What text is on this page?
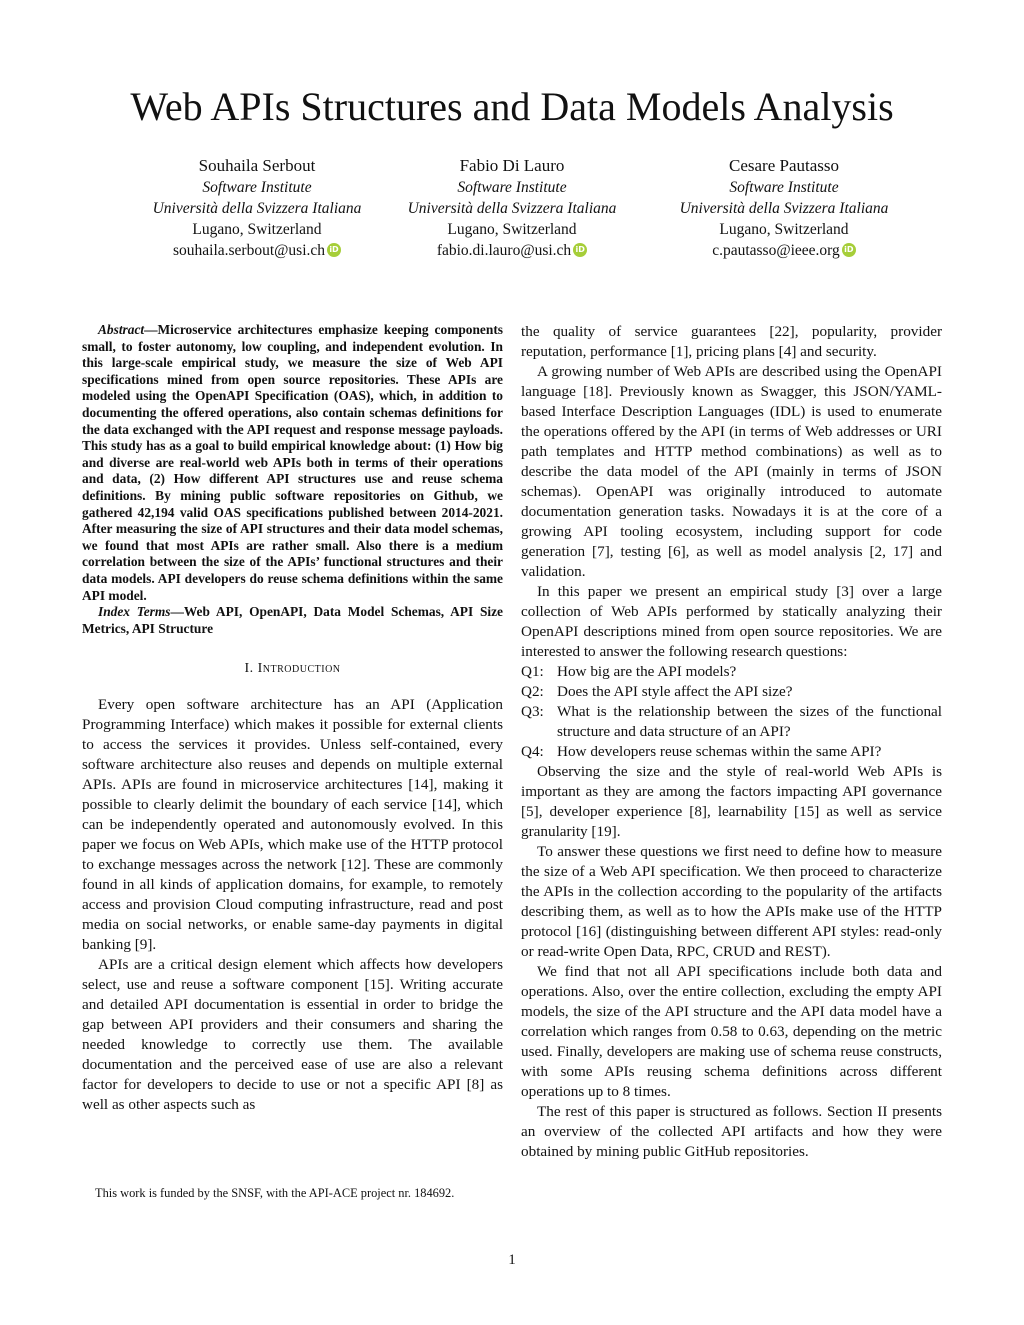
Web APIs Structures and Data Models Analysis
Souhaila Serbout
Software Institute
Università della Svizzera Italiana
Lugano, Switzerland
souhaila.serbout@usi.ch iD
Fabio Di Lauro
Software Institute
Università della Svizzera Italiana
Lugano, Switzerland
fabio.di.lauro@usi.ch iD
Cesare Pautasso
Software Institute
Università della Svizzera Italiana
Lugano, Switzerland
c.pautasso@ieee.org iD

Abstract—Microservice architectures emphasize keeping components small, to foster autonomy, low coupling, and independent evolution. In this large-scale empirical study, we measure the size of Web API specifications mined from open source repositories. These APIs are modeled using the OpenAPI Specification (OAS), which, in addition to documenting the offered operations, also contain schemas definitions for the data exchanged with the API request and response message payloads. This study has as a goal to build empirical knowledge about: (1) How big and diverse are real-world web APIs both in terms of their operations and data, (2) How different API structures use and reuse schema definitions. By mining public software repositories on Github, we gathered 42,194 valid OAS specifications published between 2014-2021. After measuring the size of API structures and their data model schemas, we found that most APIs are rather small. Also there is a medium correlation between the size of the APIs’ functional structures and their data models. API developers do reuse schema definitions within the same API model.

Index Terms—Web API, OpenAPI, Data Model Schemas, API Size Metrics, API Structure

I. Introduction

Every open software architecture has an API (Application Programming Interface) which makes it possible for external clients to access the services it provides. Unless self-contained, every software architecture also reuses and depends on multiple external APIs. APIs are found in microservice architectures [14], making it possible to clearly delimit the boundary of each service [14], which can be independently operated and autonomously evolved. In this paper we focus on Web APIs, which make use of the HTTP protocol to exchange messages across the network [12]. These are commonly found in all kinds of application domains, for example, to remotely access and provision Cloud computing infrastructure, read and post media on social networks, or enable same-day payments in digital banking [9].

APIs are a critical design element which affects how developers select, use and reuse a software component [15]. Writing accurate and detailed API documentation is essential in order to bridge the gap between API providers and their consumers and sharing the needed knowledge to correctly use them. The available documentation and the perceived ease of use are also a relevant factor for developers to decide to use or not a specific API [8] as well as other aspects such as

This work is funded by the SNSF, with the API-ACE project nr. 184692.

the quality of service guarantees [22], popularity, provider reputation, performance [1], pricing plans [4] and security.

A growing number of Web APIs are described using the OpenAPI language [18]. Previously known as Swagger, this JSON/YAML-based Interface Description Languages (IDL) is used to enumerate the operations offered by the API (in terms of Web addresses or URI path templates and HTTP method combinations) as well as to describe the data model of the API (mainly in terms of JSON schemas). OpenAPI was originally introduced to automate documentation generation tasks. Nowadays it is at the core of a growing API tooling ecosystem, including support for code generation [7], testing [6], as well as model analysis [2, 17] and validation.

In this paper we present an empirical study [3] over a large collection of Web APIs performed by statically analyzing their OpenAPI descriptions mined from open source repositories. We are interested to answer the following research questions:

Q1: How big are the API models?
Q2: Does the API style affect the API size?
Q3: What is the relationship between the sizes of the functional structure and data structure of an API?
Q4: How developers reuse schemas within the same API?

Observing the size and the style of real-world Web APIs is important as they are among the factors impacting API governance [5], developer experience [8], learnability [15] as well as service granularity [19].

To answer these questions we first need to define how to measure the size of a Web API specification. We then proceed to characterize the APIs in the collection according to the popularity of the artifacts describing them, as well as to how the APIs make use of the HTTP protocol [16] (distinguishing between different API styles: read-only or read-write Open Data, RPC, CRUD and REST).

We find that not all API specifications include both data and operations. Also, over the entire collection, excluding the empty API models, the size of the API structure and the API data model have a correlation which ranges from 0.58 to 0.63, depending on the metric used. Finally, developers are making use of schema reuse constructs, with some APIs reusing schema definitions across different operations up to 8 times.

The rest of this paper is structured as follows. Section II presents an overview of the collected API artifacts and how they were obtained by mining public GitHub repositories.

1
